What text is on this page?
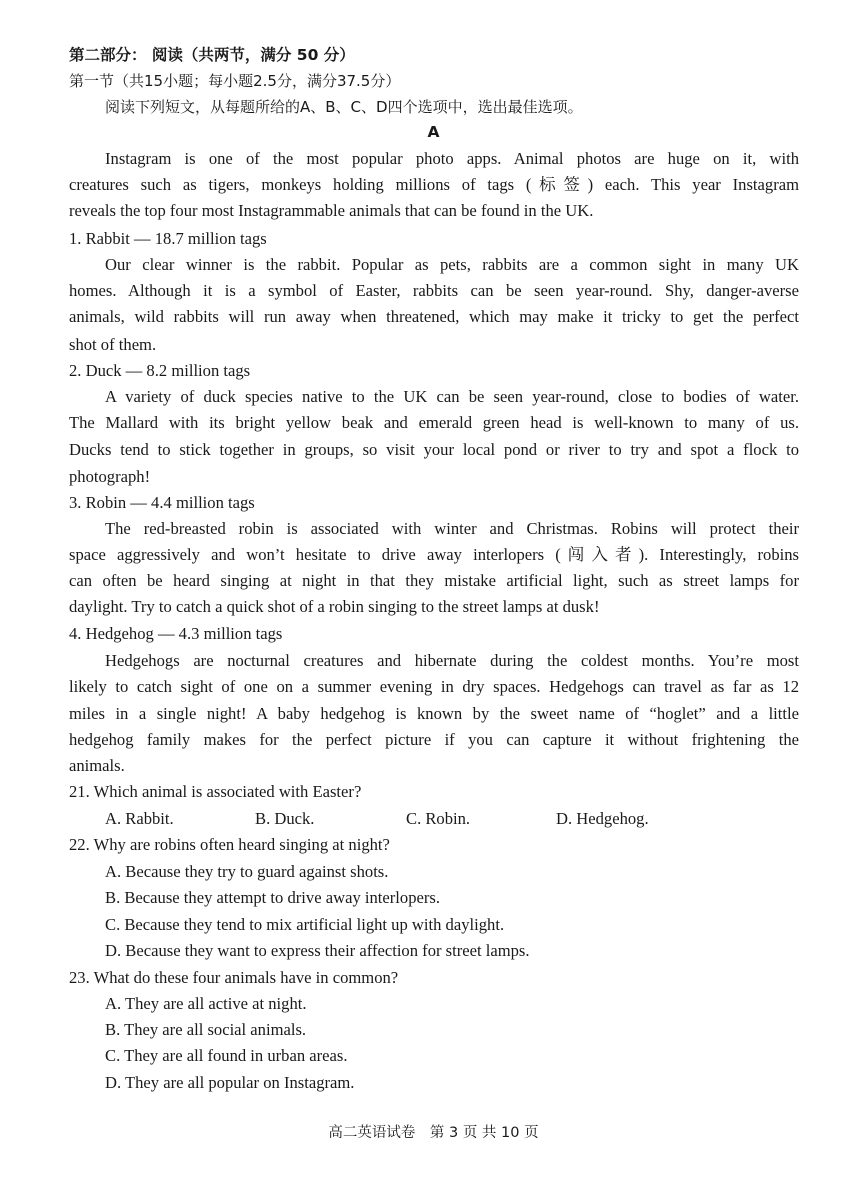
第二部分： 阅读（共两节，满分 50 分）
第一节（共15小题；每小题2.5分，满分37.5分）
阅读下列短文，从每题所给的A、B、C、D四个选项中，选出最佳选项。
A
Instagram is one of the most popular photo apps. Animal photos are huge on it, with
creatures such as tigers, monkeys holding millions of tags (标签) each. This year Instagram
reveals the top four most Instagrammable animals that can be found in the UK.
1. Rabbit — 18.7 million tags
Our clear winner is the rabbit. Popular as pets, rabbits are a common sight in many UK
homes. Although it is a symbol of Easter, rabbits can be seen year-round. Shy, danger-averse
animals, wild rabbits will run away when threatened, which may make it tricky to get the perfect
shot of them.
2. Duck — 8.2 million tags
A variety of duck species native to the UK can be seen year-round, close to bodies of water.
The Mallard with its bright yellow beak and emerald green head is well-known to many of us.
Ducks tend to stick together in groups, so visit your local pond or river to try and spot a flock to
photograph!
3. Robin — 4.4 million tags
The red-breasted robin is associated with winter and Christmas. Robins will protect their
space aggressively and won’t hesitate to drive away interlopers (闯入者). Interestingly, robins
can often be heard singing at night in that they mistake artificial light, such as street lamps for
daylight. Try to catch a quick shot of a robin singing to the street lamps at dusk!
4. Hedgehog — 4.3 million tags
Hedgehogs are nocturnal creatures and hibernate during the coldest months. You’re most
likely to catch sight of one on a summer evening in dry spaces. Hedgehogs can travel as far as 12
miles in a single night! A baby hedgehog is known by the sweet name of “hoglet” and a little
hedgehog family makes for the perfect picture if you can capture it without frightening the
animals.
21. Which animal is associated with Easter?
A. Rabbit.	B. Duck.	C. Robin.	D. Hedgehog.
22. Why are robins often heard singing at night?
A. Because they try to guard against shots.
B. Because they attempt to drive away interlopers.
C. Because they tend to mix artificial light up with daylight.
D. Because they want to express their affection for street lamps.
23. What do these four animals have in common?
A. They are all active at night.
B. They are all social animals.
C. They are all found in urban areas.
D. They are all popular on Instagram.
高二英语试卷　第 3 页 共 10 页
